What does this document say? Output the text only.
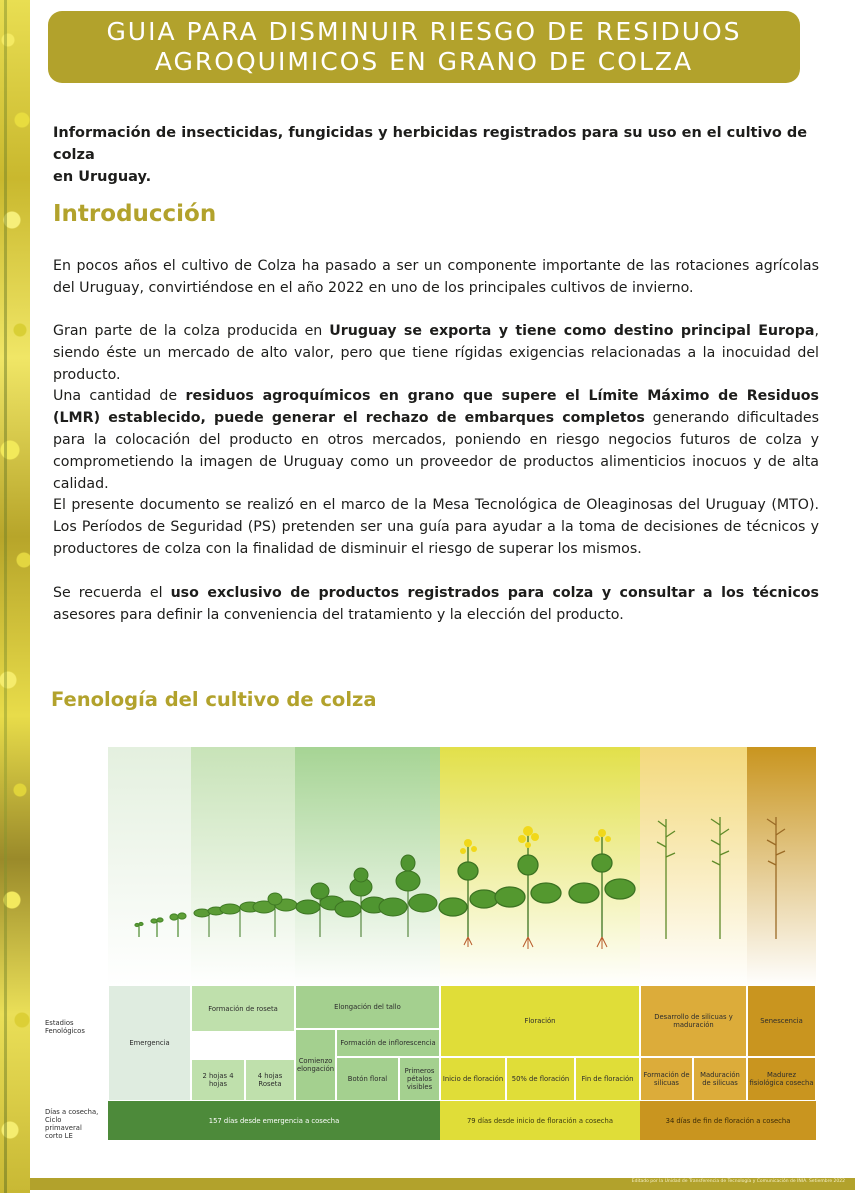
GUIA PARA DISMINUIR RIESGO DE RESIDUOS
AGROQUIMICOS EN GRANO DE COLZA
Información de insecticidas, fungicidas y herbicidas registrados para su uso en el cultivo de colza
en Uruguay.
Introducción
En pocos años el cultivo de Colza ha pasado a ser un componente importante de las rotaciones agrícolas del Uruguay, convirtiéndose en el año 2022 en uno de los principales cultivos de invierno.
Gran parte de la colza producida en Uruguay se exporta y tiene como destino principal Europa, siendo éste un mercado de alto valor, pero que tiene rígidas exigencias relacionadas a la inocuidad del producto.
Una cantidad de residuos agroquímicos en grano que supere el Límite Máximo de Residuos (LMR) establecido, puede generar el rechazo de embarques completos generando dificultades para la colocación del producto en otros mercados, poniendo en riesgo negocios futuros de colza y comprometiendo la imagen de Uruguay como un proveedor de productos alimenticios inocuos y de alta calidad.
El presente documento se realizó en el marco de la Mesa Tecnológica de Oleaginosas del Uruguay (MTO). Los Períodos de Seguridad (PS) pretenden ser una guía para ayudar a la toma de decisiones de técnicos y productores de colza con la finalidad de disminuir el riesgo de superar los mismos.
Se recuerda el uso exclusivo de productos registrados para colza y consultar a los técnicos asesores para definir la conveniencia del tratamiento y la elección del producto.
Fenología del cultivo de colza
Estadios Fenológicos
Días a cosecha, Ciclo primaveral corto LE
Emergencia
Formación de roseta
2 hojas 4 hojas
4 hojas Roseta
Elongación del tallo
Comienzo elongación
Formación de inflorescencia
Botón floral
Primeros pétalos visibles
Floración
Inicio de floración	50% de floración	Fin de floración
Desarrollo de silicuas y maduración
Formación de silicuas
Maduración de silicuas
Senescencia
Madurez fisiológica cosecha
157 días desde emergencia a cosecha	79 días desde inicio de floración a cosecha	34 días de fin de floración a cosecha
Editado por la Unidad de Transferencia de Tecnología y Comunicación de INIA. Setiembre 2022
